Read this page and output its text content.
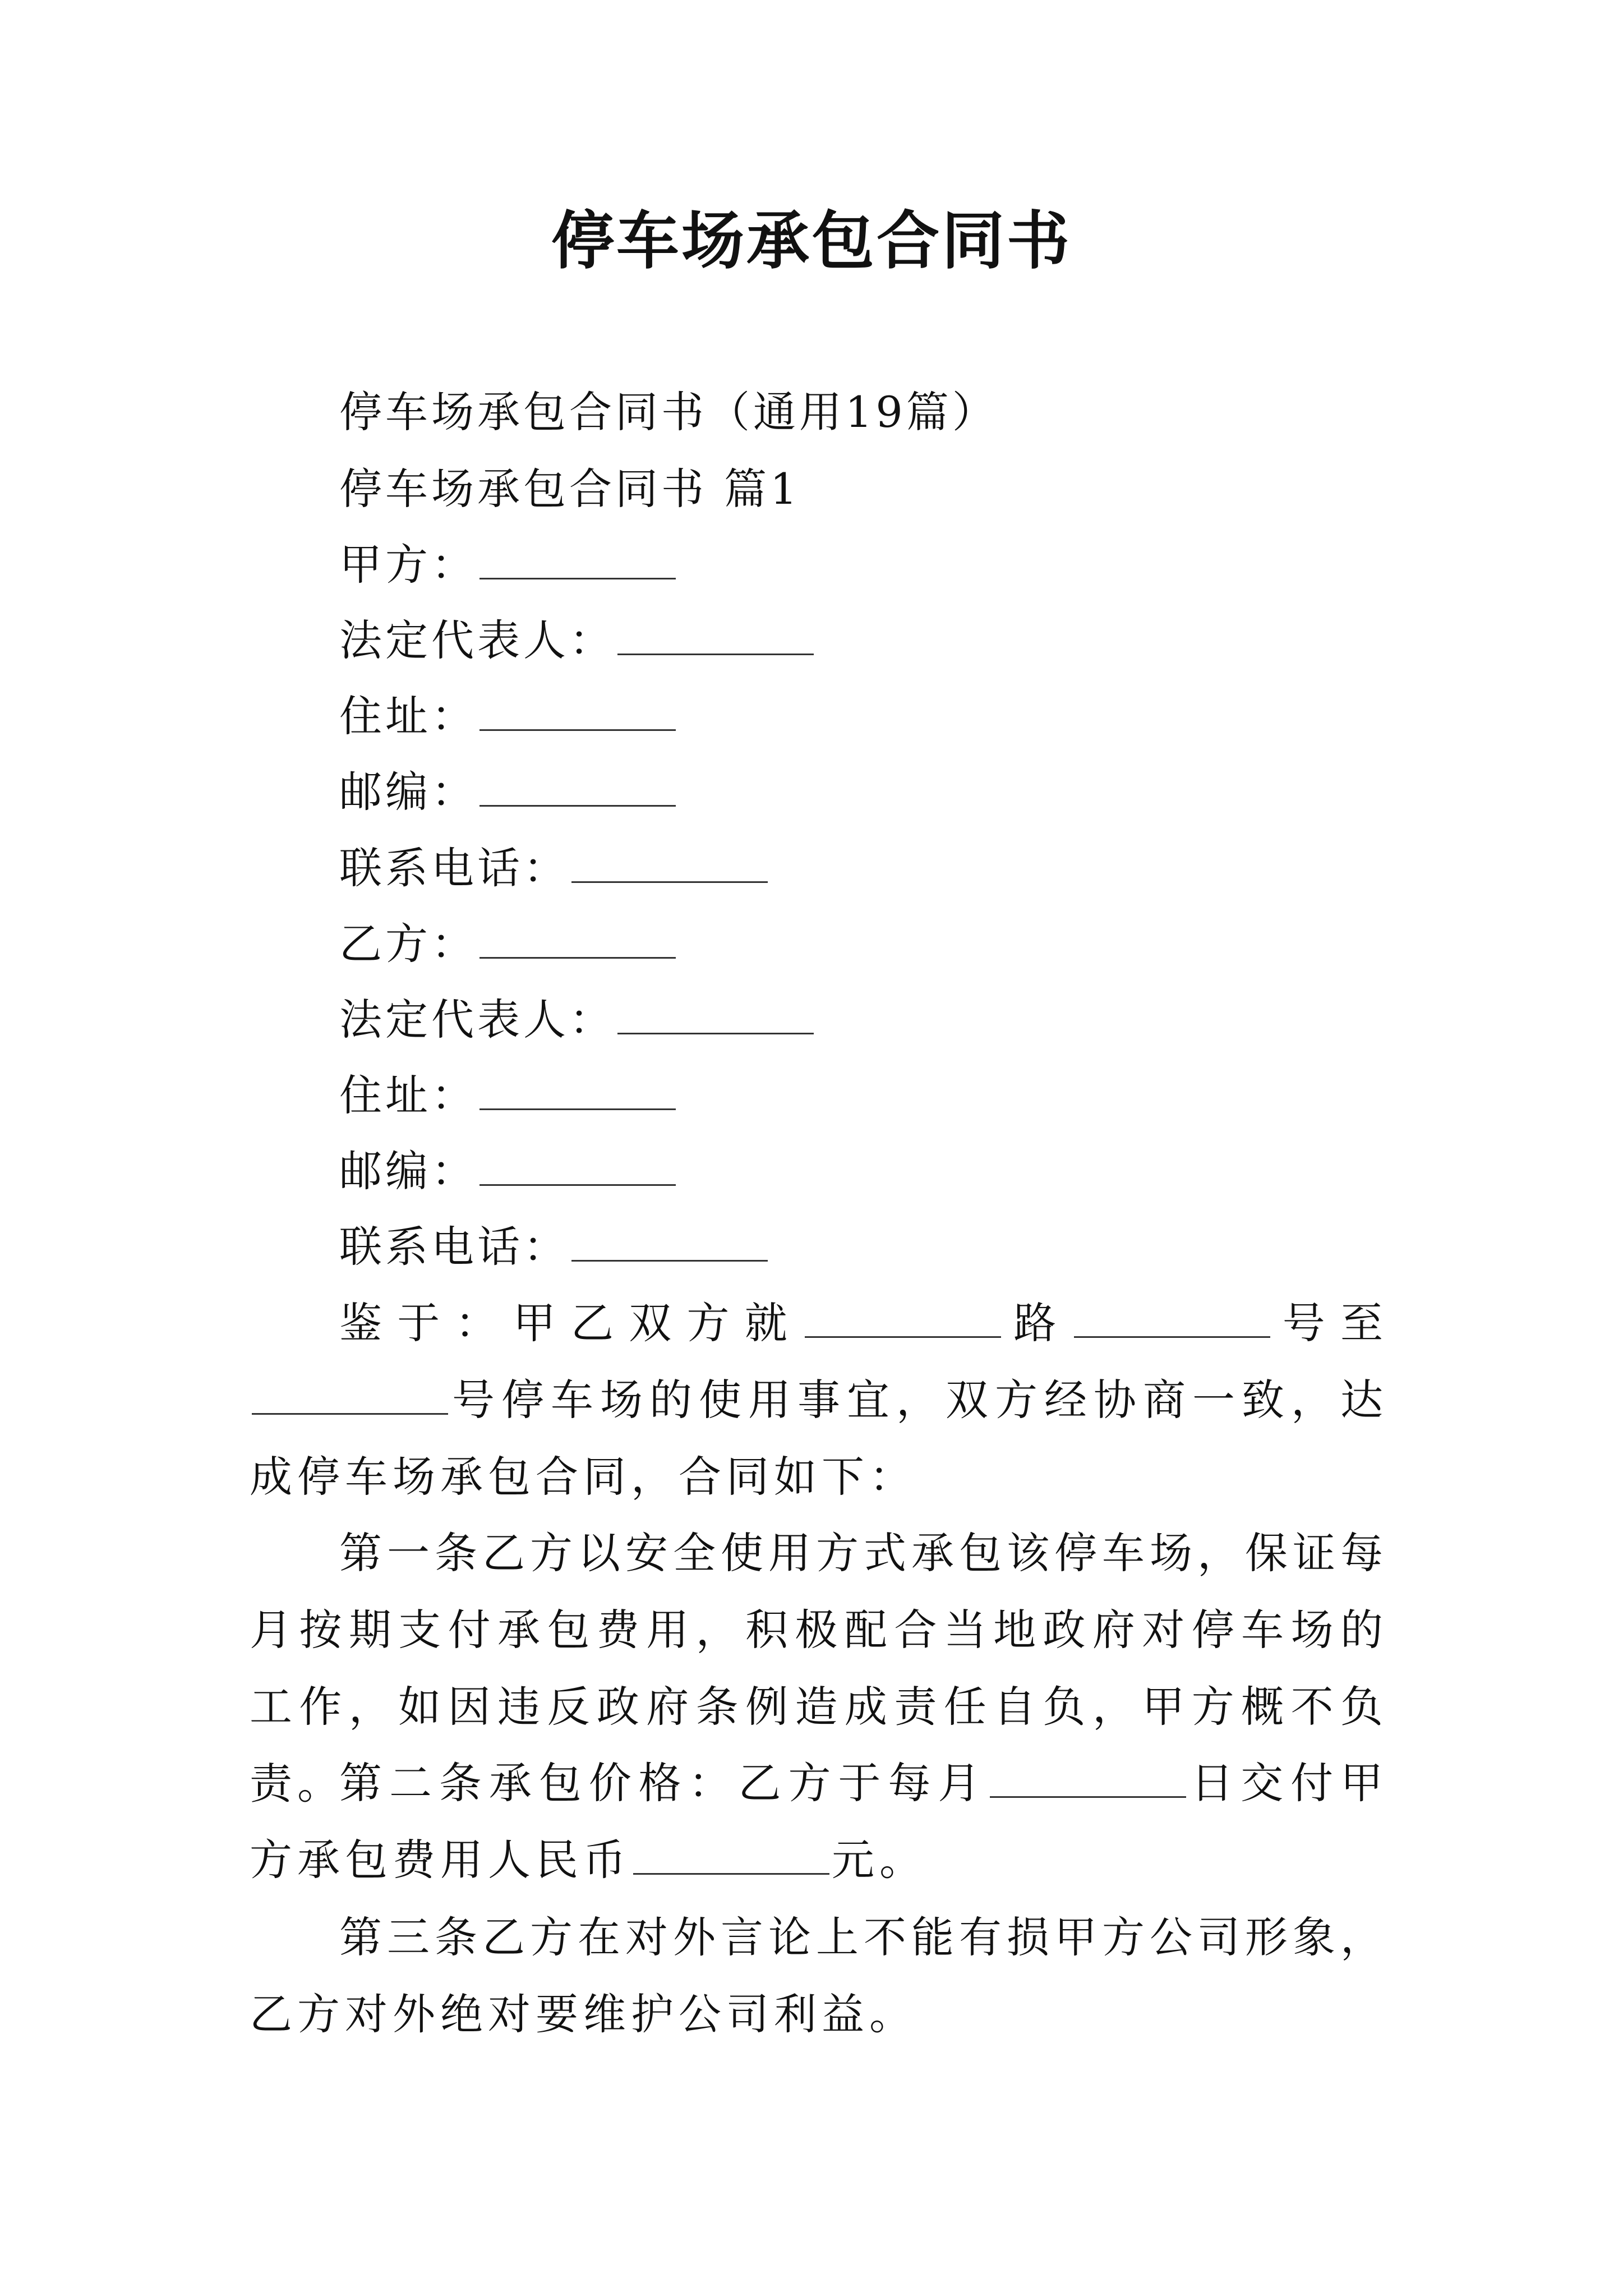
停车场承包合同书
停车场承包合同书（通用19篇）
停车场承包合同书 篇1
甲方：
法定代表人：
住址：
邮编：
联系电话：
乙方：
法定代表人：
住址：
邮编：
联系电话：
鉴于：甲乙双方就	路	号至号停车场的使用事宜，双方经协商一致，达成停车场承包合同，合同如下：
第一条乙方以安全使用方式承包该停车场，保证每月按期支付承包费用，积极配合当地政府对停车场的工作，如因违反政府条例造成责任自负，甲方概不负责。
第二条承包价格：乙方于每月	日交付甲方承包费用人民币	元。
第三条乙方在对外言论上不能有损甲方公司形象，乙方对外绝对要维护公司利益。
